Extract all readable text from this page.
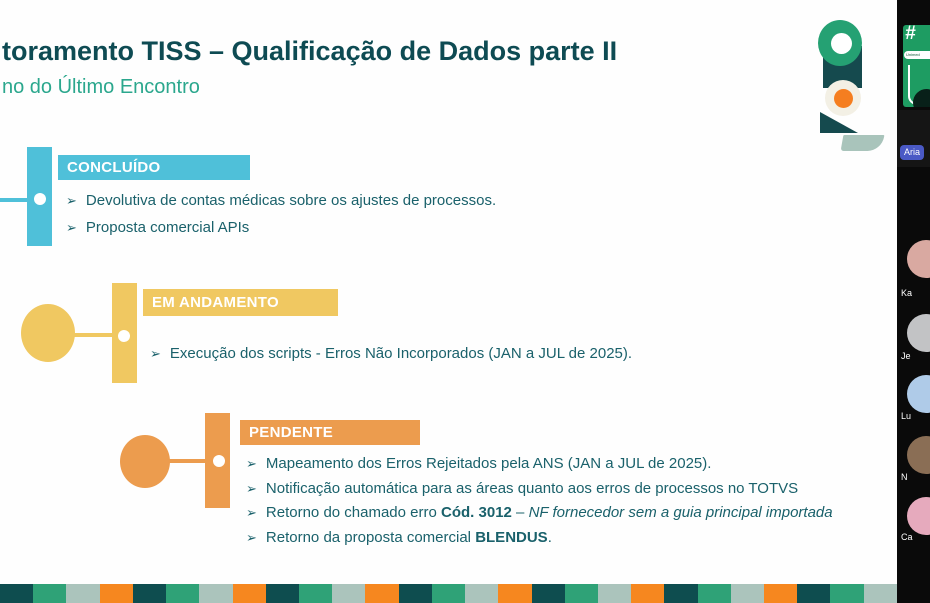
toramento TISS – Qualificação de Dados parte II
no do Último Encontro
CONCLUÍDO
➢ Devolutiva de contas médicas sobre os ajustes de processos.
➢ Proposta comercial APIs
EM ANDAMENTO
➢ Execução dos scripts - Erros Não Incorporados (JAN a JUL de 2025).
PENDENTE
➢ Mapeamento dos Erros Rejeitados pela ANS (JAN a JUL de 2025).
➢ Notificação automática para as áreas quanto aos erros de processos no TOTVS
➢ Retorno do chamado erro Cód. 3012 – NF fornecedor sem a guia principal importada
➢ Retorno da proposta comercial BLENDUS.
#
Unimed
Aria
Ka
Je
Lu
N
Ca
